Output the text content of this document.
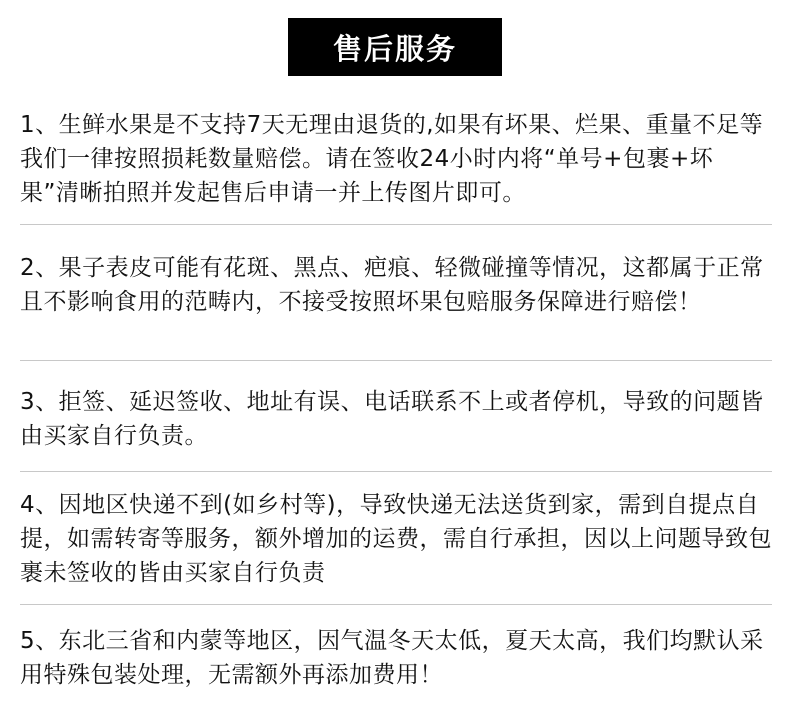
售后服务
1、生鲜水果是不支持7天无理由退货的,如果有坏果、烂果、重量不足等我们一律按照损耗数量赔偿。请在签收24小时内将“单号+包裹+坏果”清晰拍照并发起售后申请一并上传图片即可。
2、果子表皮可能有花斑、黑点、疤痕、轻微碰撞等情况，这都属于正常且不影响食用的范畴内，不接受按照坏果包赔服务保障进行赔偿！
3、拒签、延迟签收、地址有误、电话联系不上或者停机，导致的问题皆由买家自行负责。
4、因地区快递不到(如乡村等)，导致快递无法送货到家，需到自提点自提，如需转寄等服务，额外增加的运费，需自行承担，因以上问题导致包裹未签收的皆由买家自行负责
5、东北三省和内蒙等地区，因气温冬天太低，夏天太高，我们均默认采用特殊包装处理，无需额外再添加费用！
